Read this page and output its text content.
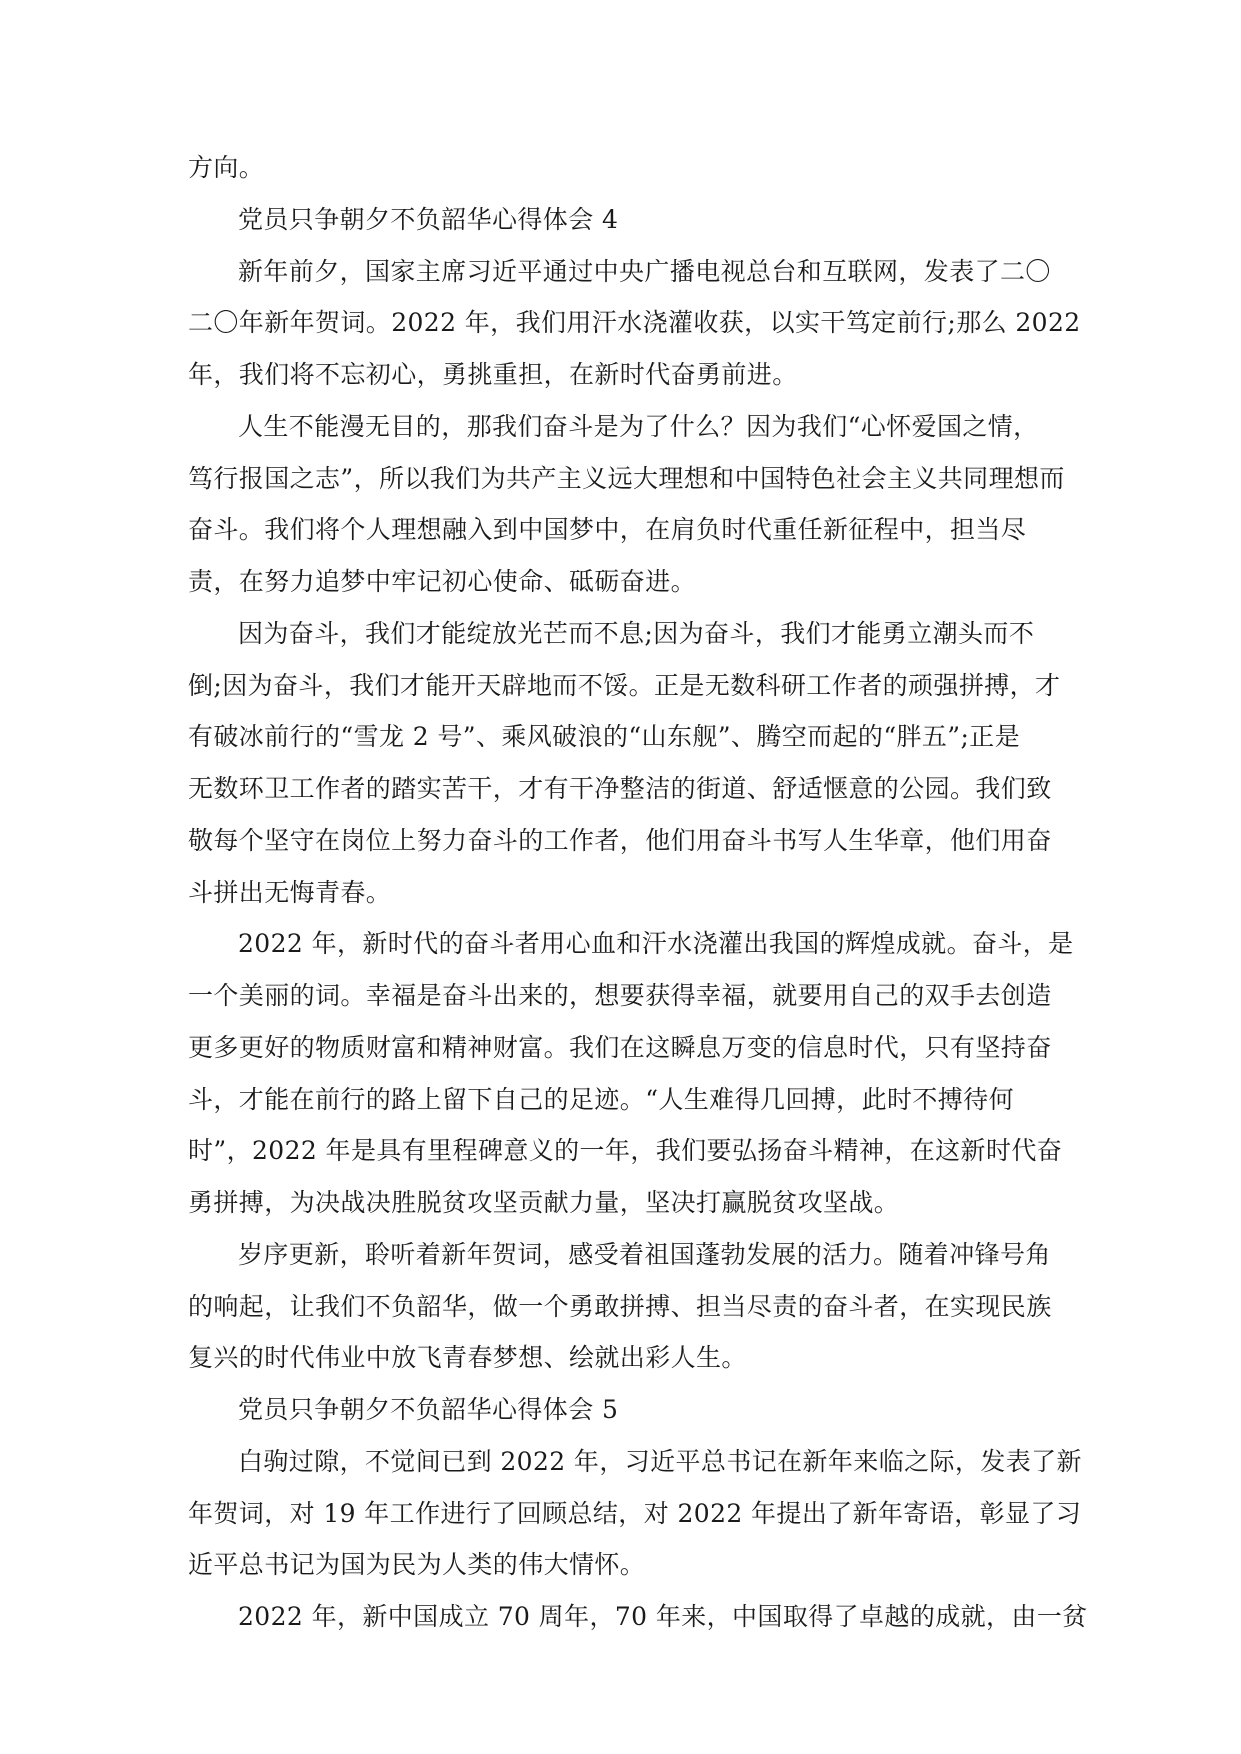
方向。
党员只争朝夕不负韶华心得体会 4
新年前夕，国家主席习近平通过中央广播电视总台和互联网，发表了二〇
二〇年新年贺词。2022 年，我们用汗水浇灌收获，以实干笃定前行;那么 2022
年，我们将不忘初心，勇挑重担，在新时代奋勇前进。
人生不能漫无目的，那我们奋斗是为了什么？因为我们“心怀爱国之情，
笃行报国之志”，所以我们为共产主义远大理想和中国特色社会主义共同理想而
奋斗。我们将个人理想融入到中国梦中，在肩负时代重任新征程中，担当尽
责，在努力追梦中牢记初心使命、砥砺奋进。
因为奋斗，我们才能绽放光芒而不息;因为奋斗，我们才能勇立潮头而不
倒;因为奋斗，我们才能开天辟地而不馁。正是无数科研工作者的顽强拼搏，才
有破冰前行的“雪龙 2 号”、乘风破浪的“山东舰”、腾空而起的“胖五”;正是
无数环卫工作者的踏实苦干，才有干净整洁的街道、舒适惬意的公园。我们致
敬每个坚守在岗位上努力奋斗的工作者，他们用奋斗书写人生华章，他们用奋
斗拼出无悔青春。
2022 年，新时代的奋斗者用心血和汗水浇灌出我国的辉煌成就。奋斗，是
一个美丽的词。幸福是奋斗出来的，想要获得幸福，就要用自己的双手去创造
更多更好的物质财富和精神财富。我们在这瞬息万变的信息时代，只有坚持奋
斗，才能在前行的路上留下自己的足迹。“人生难得几回搏，此时不搏待何
时”，2022 年是具有里程碑意义的一年，我们要弘扬奋斗精神，在这新时代奋
勇拼搏，为决战决胜脱贫攻坚贡献力量，坚决打赢脱贫攻坚战。
岁序更新，聆听着新年贺词，感受着祖国蓬勃发展的活力。随着冲锋号角
的响起，让我们不负韶华，做一个勇敢拼搏、担当尽责的奋斗者，在实现民族
复兴的时代伟业中放飞青春梦想、绘就出彩人生。
党员只争朝夕不负韶华心得体会 5
白驹过隙，不觉间已到 2022 年，习近平总书记在新年来临之际，发表了新
年贺词，对 19 年工作进行了回顾总结，对 2022 年提出了新年寄语，彰显了习
近平总书记为国为民为人类的伟大情怀。
2022 年，新中国成立 70 周年，70 年来，中国取得了卓越的成就，由一贫
